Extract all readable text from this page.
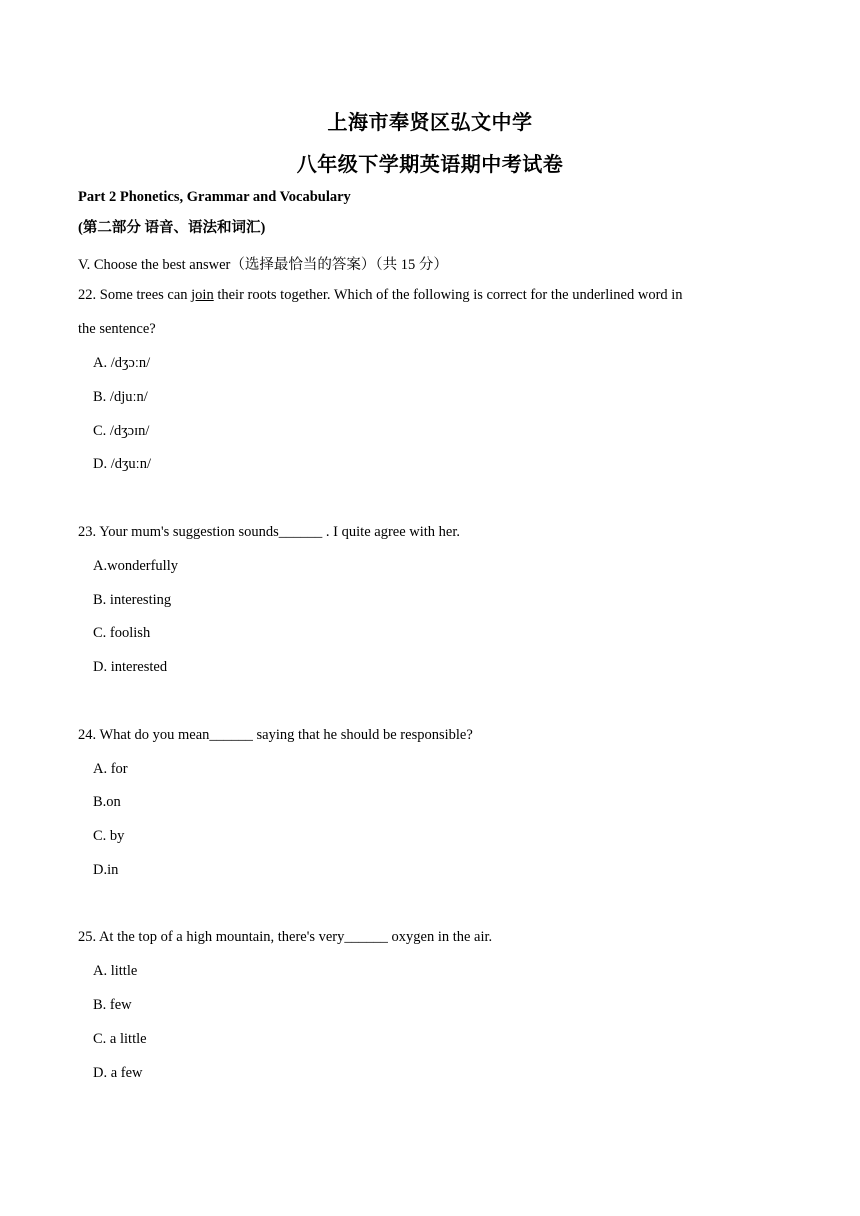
上海市奉贤区弘文中学
八年级下学期英语期中考试卷
Part 2 Phonetics, Grammar and Vocabulary
(第二部分 语音、语法和词汇)
V. Choose the best answer（选择最恰当的答案）（共 15 分）
22. Some trees can join their roots together. Which of the following is correct for the underlined word in
the sentence?
A. /dʒɔːn/
B. /djuːn/
C. /dʒɔɪn/
D. /dʒuːn/
23. Your mum's suggestion sounds______ . I quite agree with her.
A.wonderfully
B. interesting
C. foolish
D. interested
24. What do you mean______ saying that he should be responsible?
A. for
B.on
C. by
D.in
25. At the top of a high mountain, there's very______ oxygen in the air.
A. little
B. few
C. a little
D. a few
